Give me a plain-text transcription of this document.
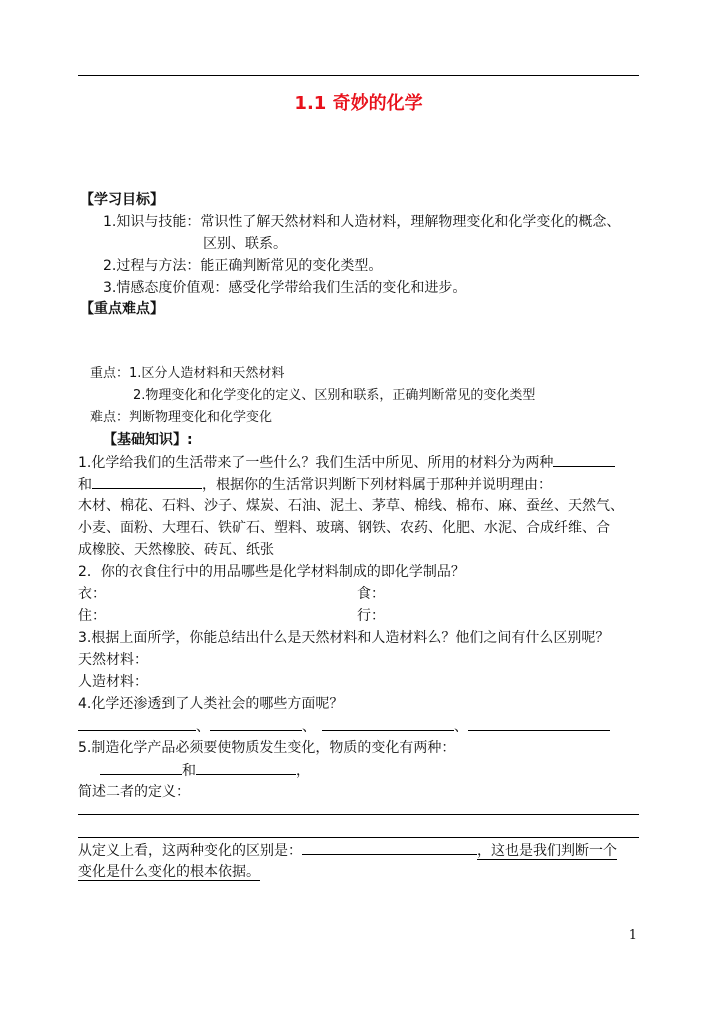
1.1 奇妙的化学
【学习目标】
1.知识与技能：常识性了解天然材料和人造材料，理解物理变化和化学变化的概念、
区别、联系。
2.过程与方法：能正确判断常见的变化类型。
3.情感态度价值观：感受化学带给我们生活的变化和进步。
【重点难点】
重点：1.区分人造材料和天然材料
2.物理变化和化学变化的定义、区别和联系，正确判断常见的变化类型
难点：判断物理变化和化学变化
【基础知识】:
1.化学给我们的生活带来了一些什么？我们生活中所见、所用的材料分为两种
和	，根据你的生活常识判断下列材料属于那种并说明理由：
木材、棉花、石料、沙子、煤炭、石油、泥土、茅草、棉线、棉布、麻、蚕丝、天然气、
小麦、面粉、大理石、铁矿石、塑料、玻璃、钢铁、农药、化肥、水泥、合成纤维、合
成橡胶、天然橡胶、砖瓦、纸张
2．你的衣食住行中的用品哪些是化学材料制成的即化学制品？
衣：	食：
住：	行：
3.根据上面所学，你能总结出什么是天然材料和人造材料么？他们之间有什么区别呢？
天然材料：
人造材料：
4.化学还渗透到了人类社会的哪些方面呢？
、	、	、
5.制造化学产品必须要使物质发生变化，物质的变化有两种：
和	，
简述二者的定义：
从定义上看，这两种变化的区别是：	，这也是我们判断一个
变化是什么变化的根本依据。
1
